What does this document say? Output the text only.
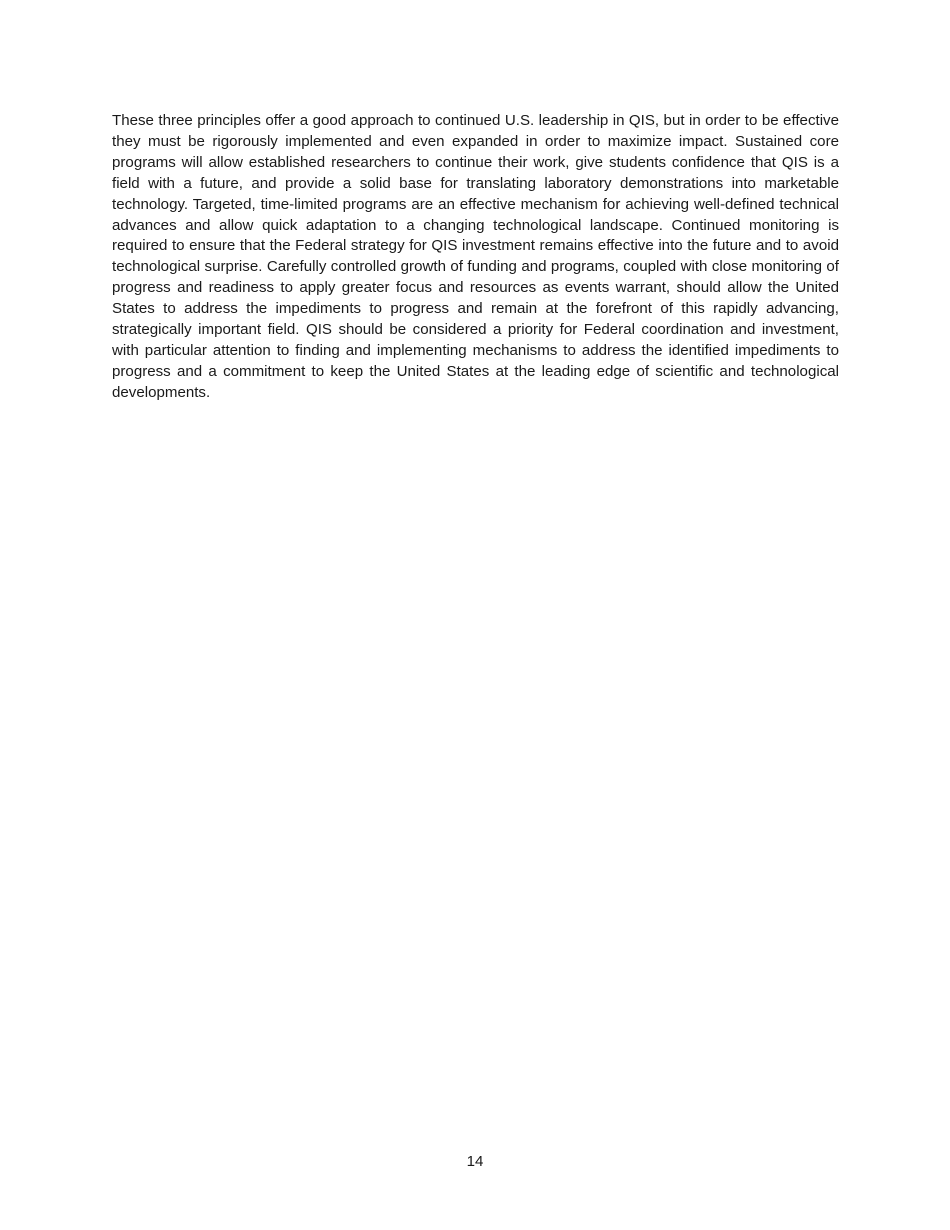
These three principles offer a good approach to continued U.S. leadership in QIS, but in order to be effective they must be rigorously implemented and even expanded in order to maximize impact. Sustained core programs will allow established researchers to continue their work, give students confidence that QIS is a field with a future, and provide a solid base for translating laboratory demonstrations into marketable technology. Targeted, time-limited programs are an effective mechanism for achieving well-defined technical advances and allow quick adaptation to a changing technological landscape. Continued monitoring is required to ensure that the Federal strategy for QIS investment remains effective into the future and to avoid technological surprise. Carefully controlled growth of funding and programs, coupled with close monitoring of progress and readiness to apply greater focus and resources as events warrant, should allow the United States to address the impediments to progress and remain at the forefront of this rapidly advancing, strategically important field. QIS should be considered a priority for Federal coordination and investment, with particular attention to finding and implementing mechanisms to address the identified impediments to progress and a commitment to keep the United States at the leading edge of scientific and technological developments.

14
